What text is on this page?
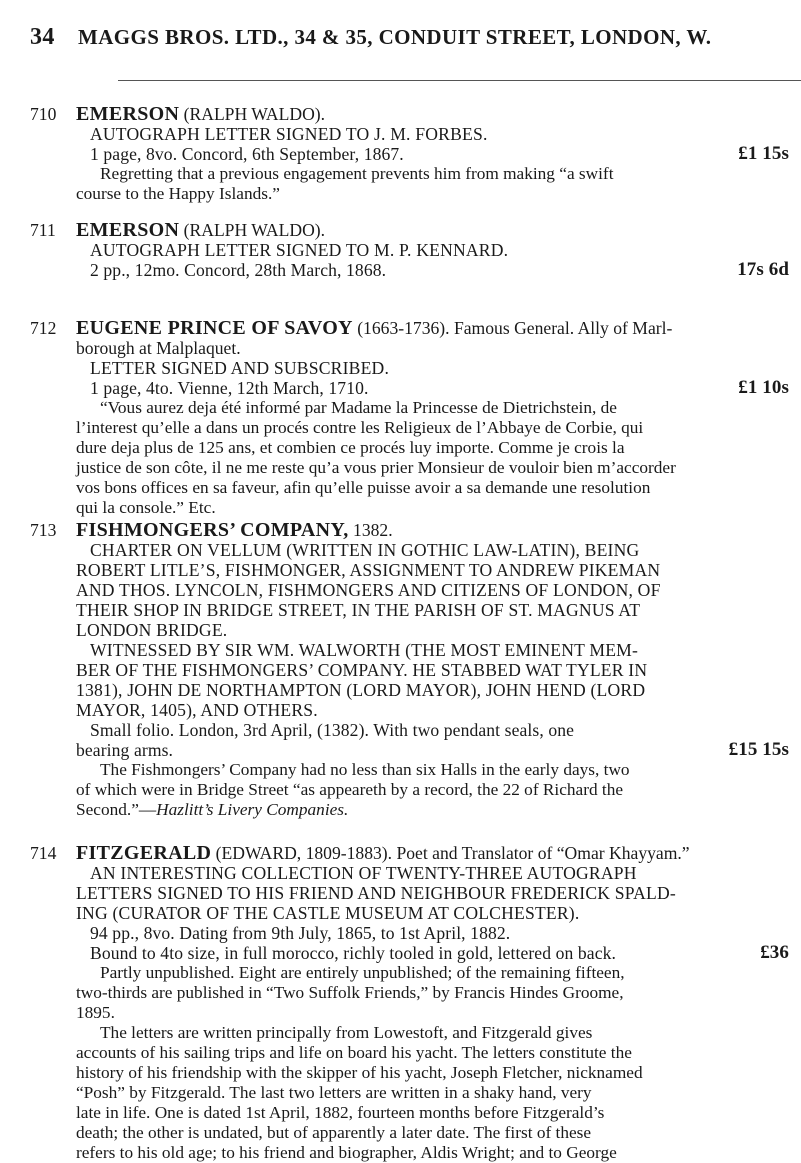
34 MAGGS BROS. LTD., 34 & 35, CONDUIT STREET, LONDON, W.

710 EMERSON (RALPH WALDO).

AUTOGRAPH LETTER SIGNED TO J. M. FORBES.

1 page, 8vo. Concord, 6th September, 1867.	£1 15s

Regretting that a previous engagement prevents him from making “a swift

course to the Happy Islands.”

711 EMERSON (RALPH WALDO).

AUTOGRAPH LETTER SIGNED TO M. P. KENNARD.

2 pp., 12mo. Concord, 28th March, 1868.	17s 6d

712 EUGENE PRINCE OF SAVOY (1663-1736). Famous General. Ally of Marl-

borough at Malplaquet.

LETTER SIGNED AND SUBSCRIBED.

1 page, 4to. Vienne, 12th March, 1710.	£1 10s

“Vous aurez deja été informé par Madame la Princesse de Dietrichstein, de

l’interest qu’elle a dans un procés contre les Religieux de l’Abbaye de Corbie, qui

dure deja plus de 125 ans, et combien ce procés luy importe. Comme je crois la

justice de son côte, il ne me reste qu’a vous prier Monsieur de vouloir bien m’accorder

vos bons offices en sa faveur, afin qu’elle puisse avoir a sa demande une resolution

qui la console.” Etc.

713 FISHMONGERS’ COMPANY, 1382.

CHARTER ON VELLUM (WRITTEN IN GOTHIC LAW-LATIN), BEING

ROBERT LITLE’S, FISHMONGER, ASSIGNMENT TO ANDREW PIKEMAN

AND THOS. LYNCOLN, FISHMONGERS AND CITIZENS OF LONDON, OF

THEIR SHOP IN BRIDGE STREET, IN THE PARISH OF ST. MAGNUS AT

LONDON BRIDGE.

WITNESSED BY SIR WM. WALWORTH (THE MOST EMINENT MEM-

BER OF THE FISHMONGERS’ COMPANY. HE STABBED WAT TYLER IN

1381), JOHN DE NORTHAMPTON (LORD MAYOR), JOHN HEND (LORD

MAYOR, 1405), AND OTHERS.

Small folio. London, 3rd April, (1382). With two pendant seals, one

bearing arms.	£15 15s

The Fishmongers’ Company had no less than six Halls in the early days, two

of which were in Bridge Street “as appeareth by a record, the 22 of Richard the

Second.”—Hazlitt’s Livery Companies.

714 FITZGERALD (EDWARD, 1809-1883). Poet and Translator of “Omar Khayyam.”

AN INTERESTING COLLECTION OF TWENTY-THREE AUTOGRAPH

LETTERS SIGNED TO HIS FRIEND AND NEIGHBOUR FREDERICK SPALD-

ING (CURATOR OF THE CASTLE MUSEUM AT COLCHESTER).

94 pp., 8vo. Dating from 9th July, 1865, to 1st April, 1882.

Bound to 4to size, in full morocco, richly tooled in gold, lettered on back.	£36

Partly unpublished. Eight are entirely unpublished; of the remaining fifteen,

two-thirds are published in “Two Suffolk Friends,” by Francis Hindes Groome,

1895.

The letters are written principally from Lowestoft, and Fitzgerald gives

accounts of his sailing trips and life on board his yacht. The letters constitute the

history of his friendship with the skipper of his yacht, Joseph Fletcher, nicknamed

“Posh” by Fitzgerald. The last two letters are written in a shaky hand, very

late in life. One is dated 1st April, 1882, fourteen months before Fitzgerald’s

death; the other is undated, but of apparently a later date. The first of these

refers to his old age; to his friend and biographer, Aldis Wright; and to George
